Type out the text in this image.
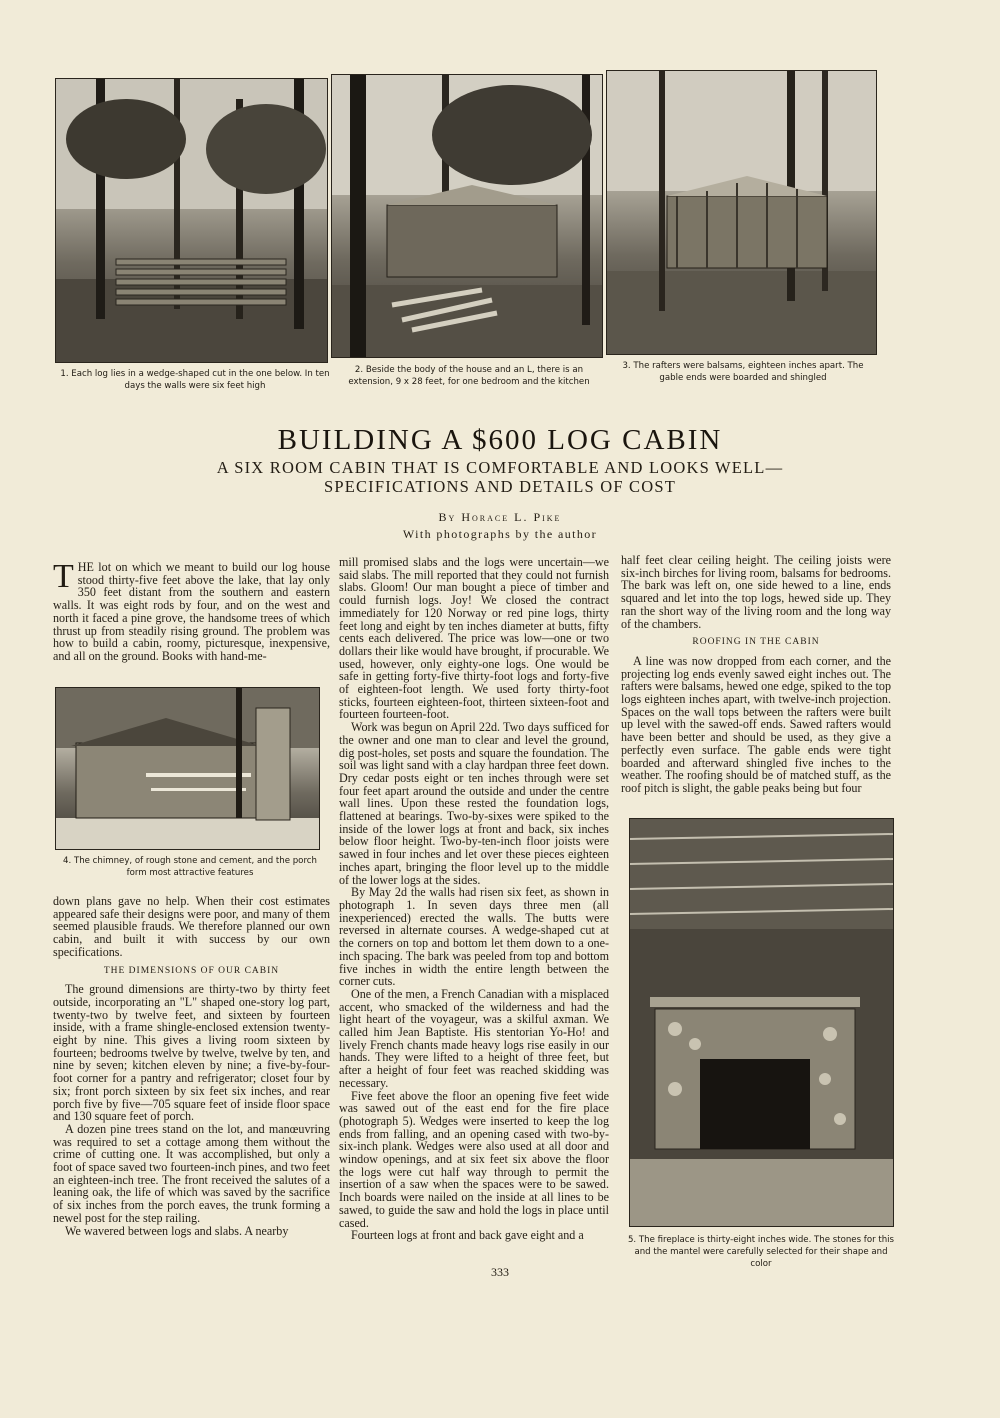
1. Each log lies in a wedge-shaped cut in the one below. In ten days the walls were six feet high
2. Beside the body of the house and an L, there is an extension, 9 x 28 feet, for one bedroom and the kitchen
3. The rafters were balsams, eighteen inches apart. The gable ends were boarded and shingled
BUILDING A $600 LOG CABIN
A SIX ROOM CABIN THAT IS COMFORTABLE AND LOOKS WELL—SPECIFICATIONS AND DETAILS OF COST
By Horace L. Pike
With photographs by the author

THE lot on which we meant to build our log house stood thirty-five feet above the lake, that lay only 350 feet distant from the southern and eastern walls. It was eight rods by four, and on the west and north it faced a pine grove, the handsome trees of which thrust up from steadily rising ground. The problem was how to build a cabin, roomy, picturesque, inexpensive, and all on the ground. Books with hand-me-

4. The chimney, of rough stone and cement, and the porch form most attractive features

down plans gave no help. When their cost estimates appeared safe their designs were poor, and many of them seemed plausible frauds. We therefore planned our own cabin, and built it with success by our own specifications.

THE DIMENSIONS OF OUR CABIN

The ground dimensions are thirty-two by thirty feet outside, incorporating an "L" shaped one-story log part, twenty-two by twelve feet, and sixteen by fourteen inside, with a frame shingle-enclosed extension twenty-eight by nine. This gives a living room sixteen by fourteen; bedrooms twelve by twelve, twelve by ten, and nine by seven; kitchen eleven by nine; a five-by-four-foot corner for a pantry and refrigerator; closet four by six; front porch sixteen by six feet six inches, and rear porch five by five—705 square feet of inside floor space and 130 square feet of porch.

A dozen pine trees stand on the lot, and manœuvring was required to set a cottage among them without the crime of cutting one. It was accomplished, but only a foot of space saved two fourteen-inch pines, and two feet an eighteen-inch tree. The front received the salutes of a leaning oak, the life of which was saved by the sacrifice of six inches from the porch eaves, the trunk forming a newel post for the step railing.

We wavered between logs and slabs. A nearby

mill promised slabs and the logs were uncertain—we said slabs. The mill reported that they could not furnish slabs. Gloom! Our man bought a piece of timber and could furnish logs. Joy! We closed the contract immediately for 120 Norway or red pine logs, thirty feet long and eight by ten inches diameter at butts, fifty cents each delivered. The price was low—one or two dollars their like would have brought, if procurable. We used, however, only eighty-one logs. One would be safe in getting forty-five thirty-foot logs and forty-five of eighteen-foot length. We used forty thirty-foot sticks, fourteen eighteen-foot, thirteen sixteen-foot and fourteen fourteen-foot.

Work was begun on April 22d. Two days sufficed for the owner and one man to clear and level the ground, dig post-holes, set posts and square the foundation. The soil was light sand with a clay hardpan three feet down. Dry cedar posts eight or ten inches through were set four feet apart around the outside and under the centre wall lines. Upon these rested the foundation logs, flattened at bearings. Two-by-sixes were spiked to the inside of the lower logs at front and back, six inches below floor height. Two-by-ten-inch floor joists were sawed in four inches and let over these pieces eighteen inches apart, bringing the floor level up to the middle of the lower logs at the sides.

By May 2d the walls had risen six feet, as shown in photograph 1. In seven days three men (all inexperienced) erected the walls. The butts were reversed in alternate courses. A wedge-shaped cut at the corners on top and bottom let them down to a one-inch spacing. The bark was peeled from top and bottom five inches in width the entire length between the corner cuts.

One of the men, a French Canadian with a misplaced accent, who smacked of the wilderness and had the light heart of the voyageur, was a skilful axman. We called him Jean Baptiste. His stentorian Yo-Ho! and lively French chants made heavy logs rise easily in our hands. They were lifted to a height of three feet, but after a height of four feet was reached skidding was necessary.

Five feet above the floor an opening five feet wide was sawed out of the east end for the fire place (photograph 5). Wedges were inserted to keep the log ends from falling, and an opening cased with two-by-six-inch plank. Wedges were also used at all door and window openings, and at six feet six above the floor the logs were cut half way through to permit the insertion of a saw when the spaces were to be sawed. Inch boards were nailed on the inside at all lines to be sawed, to guide the saw and hold the logs in place until cased.

Fourteen logs at front and back gave eight and a

half feet clear ceiling height. The ceiling joists were six-inch birches for living room, balsams for bedrooms. The bark was left on, one side hewed to a line, ends squared and let into the top logs, hewed side up. They ran the short way of the living room and the long way of the chambers.

ROOFING IN THE CABIN

A line was now dropped from each corner, and the projecting log ends evenly sawed eight inches out. The rafters were balsams, hewed one edge, spiked to the top logs eighteen inches apart, with twelve-inch projection. Spaces on the wall tops between the rafters were built up level with the sawed-off ends. Sawed rafters would have been better and should be used, as they give a perfectly even surface. The gable ends were tight boarded and afterward shingled five inches to the weather. The roofing should be of matched stuff, as the roof pitch is slight, the gable peaks being but four

5. The fireplace is thirty-eight inches wide. The stones for this and the mantel were carefully selected for their shape and color
333
